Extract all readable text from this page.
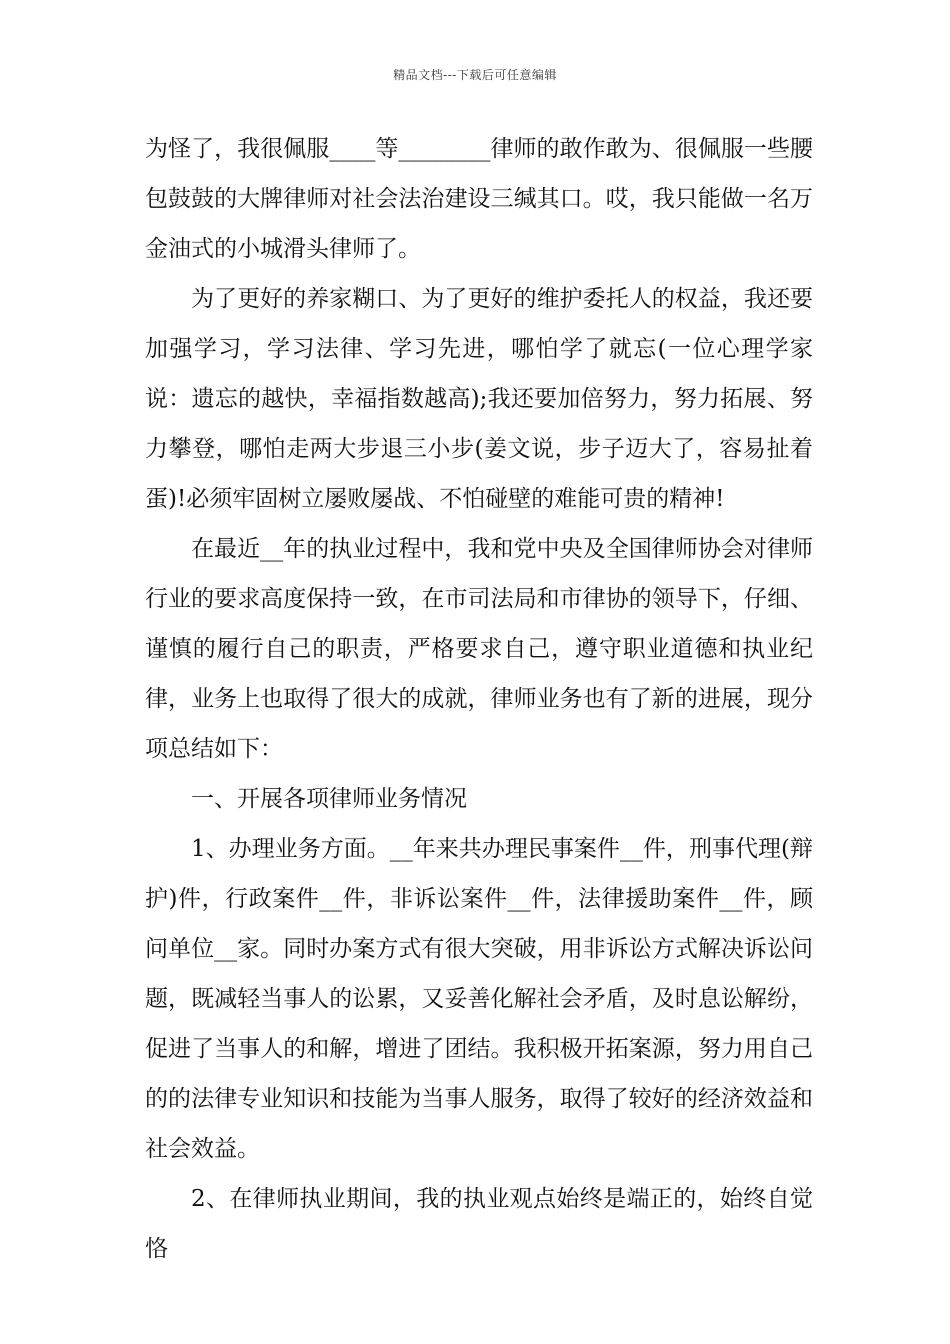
精品文档---下载后可任意编辑

为怪了，我很佩服____等________律师的敢作敢为、很佩服一些腰包鼓鼓的大牌律师对社会法治建设三缄其口。哎，我只能做一名万金油式的小城滑头律师了。

为了更好的养家糊口、为了更好的维护委托人的权益，我还要加强学习，学习法律、学习先进，哪怕学了就忘(一位心理学家说：遗忘的越快，幸福指数越高);我还要加倍努力，努力拓展、努力攀登，哪怕走两大步退三小步(姜文说，步子迈大了，容易扯着蛋)!必须牢固树立屡败屡战、不怕碰壁的难能可贵的精神!

在最近__年的执业过程中，我和党中央及全国律师协会对律师行业的要求高度保持一致，在市司法局和市律协的领导下，仔细、谨慎的履行自己的职责，严格要求自己，遵守职业道德和执业纪律，业务上也取得了很大的成就，律师业务也有了新的进展，现分项总结如下：

一、开展各项律师业务情况

1、办理业务方面。__年来共办理民事案件__件，刑事代理(辩护)件，行政案件__件，非诉讼案件__件，法律援助案件__件，顾问单位__家。同时办案方式有很大突破，用非诉讼方式解决诉讼问题，既减轻当事人的讼累，又妥善化解社会矛盾，及时息讼解纷，促进了当事人的和解，增进了团结。我积极开拓案源，努力用自己的的法律专业知识和技能为当事人服务，取得了较好的经济效益和社会效益。

2、在律师执业期间，我的执业观点始终是端正的，始终自觉恪
